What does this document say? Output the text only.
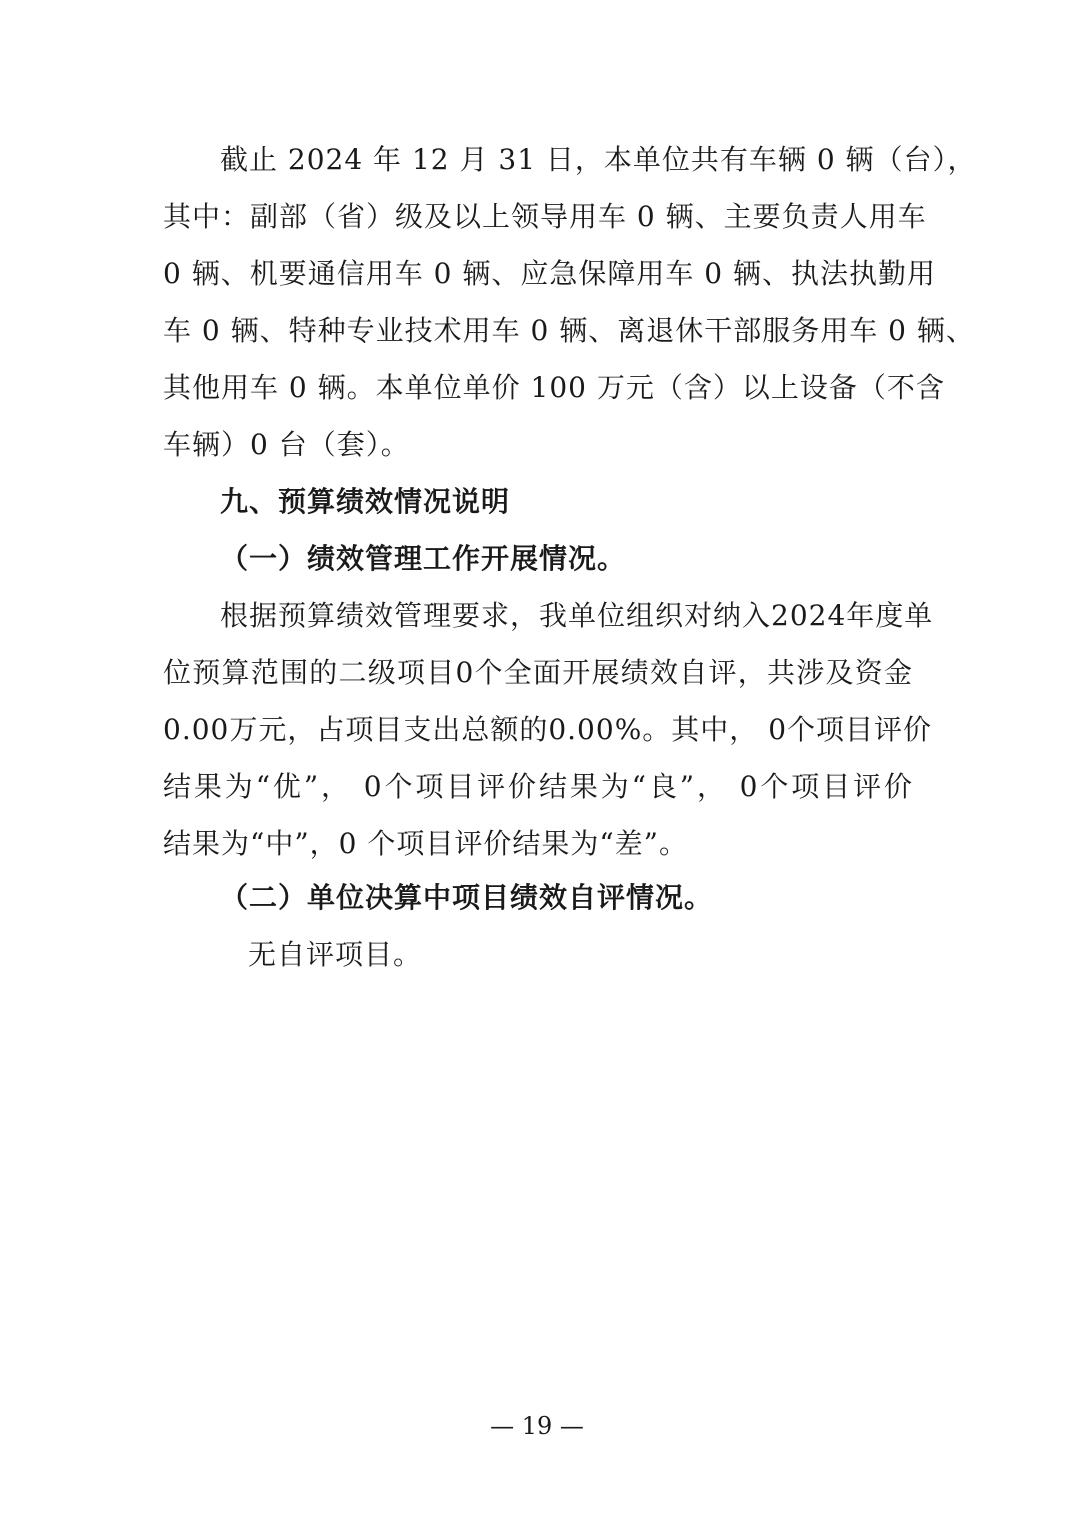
截止 2024 年 12 月 31 日，本单位共有车辆 0 辆（台），
其中：副部（省）级及以上领导用车 0 辆、主要负责人用车
0 辆、机要通信用车 0 辆、应急保障用车 0 辆、执法执勤用
车 0 辆、特种专业技术用车 0 辆、离退休干部服务用车 0 辆、
其他用车 0 辆。本单位单价 100 万元（含）以上设备（不含
车辆）0 台（套）。
九、预算绩效情况说明
（一）绩效管理工作开展情况。
根据预算绩效管理要求，我单位组织对纳入2024年度单
位预算范围的二级项目0个全面开展绩效自评，共涉及资金
0.00万元，占项目支出总额的0.00%。其中， 0个项目评价
结果为“优”， 0个项目评价结果为“良”， 0个项目评价
结果为“中”，0 个项目评价结果为“差”。
（二）单位决算中项目绩效自评情况。
无自评项目。
— 19 —
